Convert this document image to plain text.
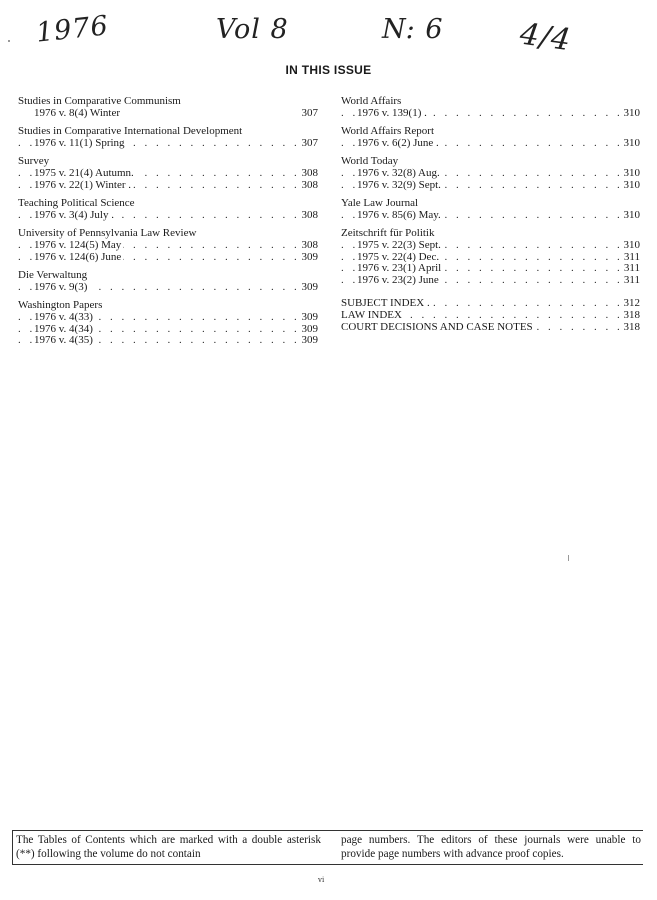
1976	Vol 8	N: 6 4/4
IN THIS ISSUE
Studies in Comparative Communism
1976 v. 8(4) Winter	307
Studies in Comparative International Development
. . .
1976 v. 11(1) Spring	307
Survey
. . .
1975 v. 21(4) Autumn.	308
. . .
1976 v. 22(1) Winter .	308
Teaching Political Science
. . .
1976 v. 3(4) July .	308
University of Pennsylvania Law Review
. . .
1976 v. 124(5) May	308
. . .
1976 v. 124(6) June	309
Die Verwaltung
. . .
1976 v. 9(3)	309
Washington Papers
. . .
1976 v. 4(33)	309
. . .
1976 v. 4(34)	309
. . .
1976 v. 4(35)	309
World Affairs
. . .
1976 v. 139(1) .	310
World Affairs Report
. . .
1976 v. 6(2) June .	310
World Today
. . .
1976 v. 32(8) Aug.	310
. . .
1976 v. 32(9) Sept.	310
Yale Law Journal
. . .
1976 v. 85(6) May.	310
Zeitschrift für Politik
. . .
1975 v. 22(3) Sept.	310
. . .
1975 v. 22(4) Dec.	311
. . .
1976 v. 23(1) April	311
. . .
1976 v. 23(2) June	311
. . .
SUBJECT INDEX .	312
. . .
LAW INDEX	318
. . .
COURT DECISIONS AND CASE NOTES	318
The Tables of Contents which are marked with a double asterisk (**) following the volume do not contain
page numbers. The editors of these journals were unable to provide page numbers with advance proof copies.
vi
